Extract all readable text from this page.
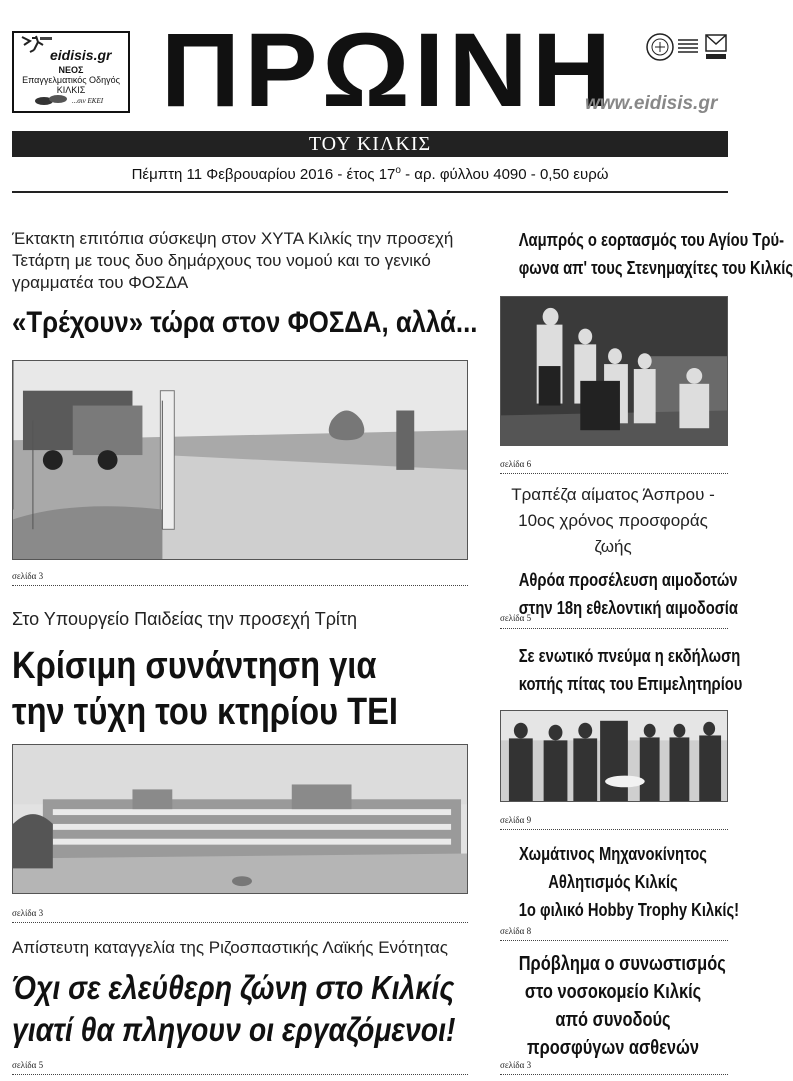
eidisis.gr
ΝΕΟΣ
Επαγγελματικός Οδηγός
ΚΙΛΚΙΣ
...σιν ΕΚΕΙ ΠΡΩΙΝΗ
www.eidisis.gr
ΤΟΥ ΚΙΛΚΙΣ
Πέμπτη 11 Φεβρουαρίου 2016 - έτος $17^o$ - αρ. φύλλου 4090 - 0,50 ευρώ
Έκτακτη επιτόπια σύσκεψη στον ΧΥΤΑ Κιλκίς την προσεχή Τετάρτη με τους δυο δημάρχους του νομού και το γενικό γραμματέα του ΦΟΣΔΑ
«Τρέχουν» τώρα στον ΦΟΣΔΑ, αλλά...
σελίδα 3
Στο Υπουργείο Παιδείας την προσεχή Τρίτη
Κρίσιμη συνάντηση για
την τύχη του κτηρίου ΤΕΙ
σελίδα 3
Απίστευτη καταγγελία της Ριζοσπαστικής Λαϊκής Ενότητας
Όχι σε ελεύθερη ζώνη στο Κιλκίς
γιατί θα πληγουν οι εργαζόμενοι!
σελίδα 5
Λαμπρός ο εορτασμός του Αγίου Τρύ-
φωνα απ' τους Στενημαχίτες του Κιλκίς
σελίδα 6
Τραπέζα αίματος Άσπρου -
10ος χρόνος προσφοράς ζωής
Αθρόα προσέλευση αιμοδοτών
στην 18η εθελοντική αιμοδοσία
σελίδα 5
Σε ενωτικό πνεύμα η εκδήλωση
κοπής πίτας του Επιμελητηρίου
σελίδα 9
Χωμάτινος Μηχανοκίνητος
Αθλητισμός Κιλκίς
1ο φιλικό Hobby Trophy Κιλκίς!
σελίδα 8
Πρόβλημα ο συνωστισμός
στο νοσοκομείο Κιλκίς
από συνοδούς
προσφύγων ασθενών
σελίδα 3
